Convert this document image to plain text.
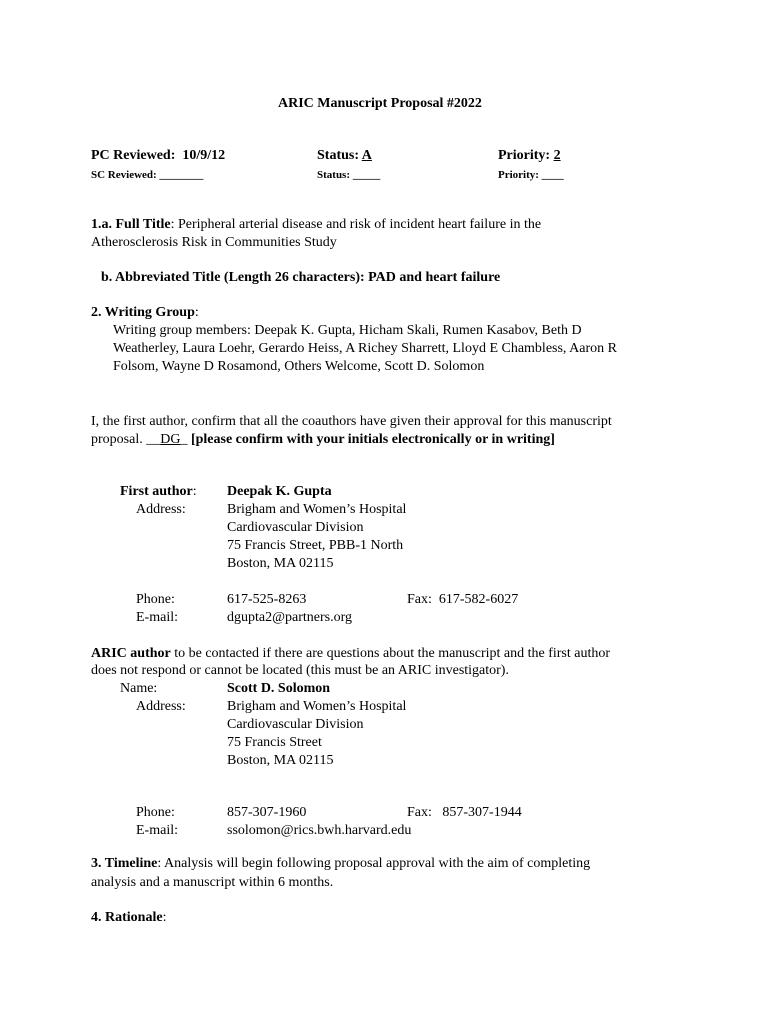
ARIC Manuscript Proposal #2022
PC Reviewed: 10/9/12	Status: A	Priority: 2
SC Reviewed: ________	Status: _____	Priority: ____
1.a. Full Title: Peripheral arterial disease and risk of incident heart failure in the
Atherosclerosis Risk in Communities Study
b. Abbreviated Title (Length 26 characters): PAD and heart failure
2. Writing Group:
Writing group members: Deepak K. Gupta, Hicham Skali, Rumen Kasabov, Beth D
Weatherley, Laura Loehr, Gerardo Heiss, A Richey Sharrett, Lloyd E Chambless, Aaron R
Folsom, Wayne D Rosamond, Others Welcome, Scott D. Solomon
I, the first author, confirm that all the coauthors have given their approval for this manuscript
proposal. __DG_ [please confirm with your initials electronically or in writing]
First author: Deepak K. Gupta
Address:	Brigham and Women’s Hospital
Cardiovascular Division
75 Francis Street, PBB-1 North
Boston, MA 02115
Phone:	617-525-8263	Fax: 617-582-6027
E-mail:	dgupta2@partners.org
ARIC author to be contacted if there are questions about the manuscript and the first author
does not respond or cannot be located (this must be an ARIC investigator).
Name:	Scott D. Solomon
Address:	Brigham and Women’s Hospital
Cardiovascular Division
75 Francis Street
Boston, MA 02115
Phone:	857-307-1960	Fax: 857-307-1944
E-mail:	ssolomon@rics.bwh.harvard.edu
3. Timeline: Analysis will begin following proposal approval with the aim of completing
analysis and a manuscript within 6 months.
4. Rationale:
